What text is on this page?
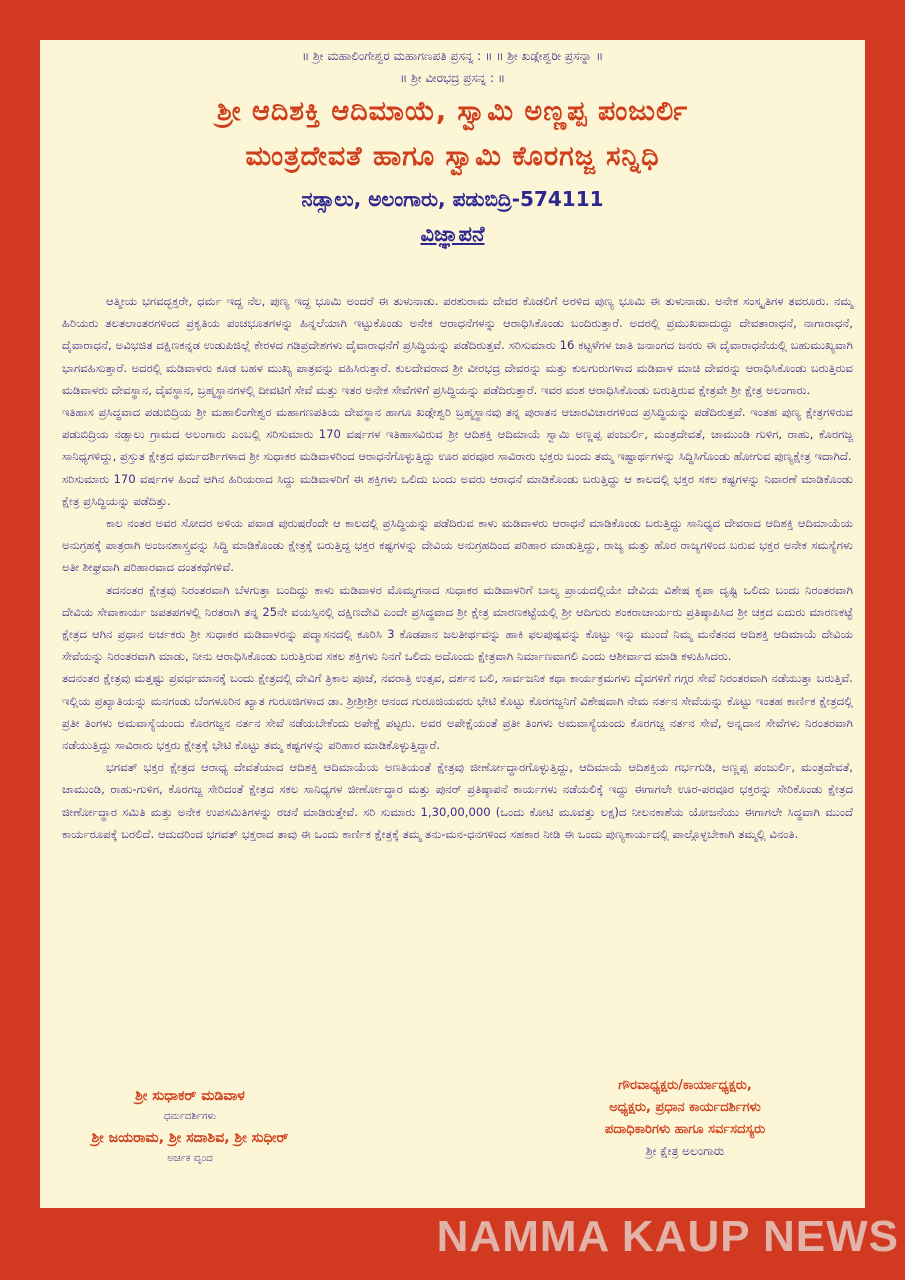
॥ ಶ್ರೀ ಮಹಾಲಿಂಗೇಶ್ವರ ಮಹಾಗಣಪತಿ ಪ್ರಸನ್ನ : ॥ ॥ ಶ್ರೀ ಖಡ್ಗೇಶ್ವರೀ ಪ್ರಸನ್ನಾ ॥
॥ ಶ್ರೀ ವೀರಭದ್ರ ಪ್ರಸನ್ನ : ॥
ಶ್ರೀ ಆದಿಶಕ್ತಿ ಆದಿಮಾಯೆ, ಸ್ವಾಮಿ ಅಣ್ಣಪ್ಪ ಪಂಜುರ್ಲಿ
ಮಂತ್ರದೇವತೆ ಹಾಗೂ ಸ್ವಾಮಿ ಕೊರಗಜ್ಜ ಸನ್ನಿಧಿ
ನಡ್ಸಾಲು, ಅಲಂಗಾರು, ಪಡುಬಿದ್ರಿ-574111
ವಿಜ್ಞಾಪನೆ

ಆತ್ಮೀಯ ಭಗವದ್ಭಕ್ತರೇ, ಧರ್ಮ ಇದ್ದ ನೆಲ, ಪುಣ್ಯ ಇದ್ದ ಭೂಮಿ ಅಂದರೆ ಈ ತುಳುನಾಡು. ಪರಶುರಾಮ ದೇವರ ಕೊಡಲಿಗೆ ಅರಳಿದ ಪುಣ್ಯ ಭೂಮಿ ಈ ತುಳುನಾಡು. ಅನೇಕ ಸಂಸ್ಕೃತಿಗಳ ತವರೂರು. ನಮ್ಮ ಹಿರಿಯರು ತಲತಲಾಂತರಗಳಿಂದ ಪ್ರಕೃತಿಯ ಪಂಚಭೂತಗಳನ್ನು ಹಿನ್ನಲೆಯಾಗಿ ಇಟ್ಟುಕೊಂಡು ಅನೇಕ ಆರಾಧನೆಗಳನ್ನು ಆರಾಧಿಸಿಕೊಂಡು ಬಂದಿರುತ್ತಾರೆ. ಅದರಲ್ಲಿ ಪ್ರಮುಖವಾದುದ್ದು ದೇವತಾರಾಧನೆ, ನಾಗಾರಾಧನೆ, ದೈವಾರಾಧನೆ, ಅವಿಭಜಿತ ದಕ್ಷಿಣಕನ್ನಡ ಉಡುಪಿಜಿಲ್ಲೆ ಕೇರಳದ ಗಡಿಪ್ರದೇಶಗಳು ದೈವಾರಾಧನೆಗೆ ಪ್ರಸಿದ್ಧಿಯನ್ನು ಪಡೆದಿರುತ್ತವೆ. ಸರಿಸುಮಾರು 16 ಕಟ್ಟಳೆಗಳ ಜಾತಿ ಜನಾಂಗದ ಜನರು ಈ ದೈವಾರಾಧನೆಯಲ್ಲಿ ಬಹುಮುಖ್ಯವಾಗಿ ಭಾಗವಹಿಸುತ್ತಾರೆ. ಅದರಲ್ಲಿ ಮಡಿವಾಳರು ಕೂಡ ಬಹಳ ಮುಖ್ಯ ಪಾತ್ರವನ್ನು ವಹಿಸಿರುತ್ತಾರೆ. ಕುಲದೇವರಾದ ಶ್ರೀ ವೀರಭದ್ರ ದೇವರನ್ನು ಮತ್ತು ಕುಲಗುರುಗಳಾದ ಮಡಿವಾಳ ಮಾಚಿ ದೇವರನ್ನು ಆರಾಧಿಸಿಕೊಂಡು ಬರುತ್ತಿರುವ ಮಡಿವಾಳರು ದೇವಸ್ಥಾನ, ದೈವಸ್ಥಾನ, ಬ್ರಹ್ಮಸ್ಥಾನಗಳಲ್ಲಿ ದೀವಟಿಗೆ ಸೇವೆ ಮತ್ತು ಇತರ ಅನೇಕ ಸೇವೆಗಳಿಗೆ ಪ್ರಸಿದ್ಧಿಯನ್ನು ಪಡೆದಿರುತ್ತಾರೆ. ಇವರ ವಂಶ ಆರಾಧಿಸಿಕೊಂಡು ಬರುತ್ತಿರುವ ಕ್ಷೇತ್ರವೇ ಶ್ರೀ ಕ್ಷೇತ್ರ ಅಲಂಗಾರು.

ಇತಿಹಾಸ ಪ್ರಸಿದ್ಧವಾದ ಪಡುಬಿದ್ರಿಯ ಶ್ರೀ ಮಹಾಲಿಂಗೇಶ್ವರ ಮಹಾಗಣಪತಿಯ ದೇವಸ್ಥಾನ ಹಾಗೂ ಖಡ್ಗೇಶ್ವರಿ ಬ್ರಹ್ಮಸ್ಥಾನವು ತನ್ನ ಪುರಾತನ ಆಚಾರವಿಚಾರಗಳಿಂದ ಪ್ರಸಿದ್ಧಿಯನ್ನು ಪಡೆದಿರುತ್ತವೆ. ಇಂತಹ ಪುಣ್ಯ ಕ್ಷೇತ್ರಗಳಿರುವ ಪಡುಬಿದ್ರಿಯ ನಡ್ಸಾಲು ಗ್ರಾಮದ ಅಲಂಗಾರು ಎಂಬಲ್ಲಿ ಸರಿಸುಮಾರು 170 ವರ್ಷಗಳ ಇತಿಹಾಸವಿರುವ ಶ್ರೀ ಆದಿಶಕ್ತಿ ಆದಿಮಾಯೆ ಸ್ವಾಮಿ ಅಣ್ಣಪ್ಪ ಪಂಜುರ್ಲಿ, ಮಂತ್ರದೇವತೆ, ಚಾಮುಂಡಿ ಗುಳಿಗ, ರಾಹು, ಕೊರಗಜ್ಜ ಸಾನಿಧ್ಯಗಳಿದ್ದು, ಪ್ರಸ್ತುತ ಕ್ಷೇತ್ರದ ಧರ್ಮದರ್ಶಿಗಳಾದ ಶ್ರೀ ಸುಧಾಕರ ಮಡಿವಾಳರಿಂದ ಆರಾಧನೆಗೊಳ್ಳುತ್ತಿದ್ದು ಊರ ಪರವೂರ ಸಾವಿರಾರು ಭಕ್ತರು ಬಂದು ತಮ್ಮ ಇಷ್ಟಾರ್ಥಗಳನ್ನು ಸಿದ್ಧಿಸಿಗೊಂಡು ಹೋಗುವ ಪುಣ್ಯಕ್ಷೇತ್ರ ಇದಾಗಿದೆ.

ಸರಿಸುಮಾರು 170 ವರ್ಷಗಳ ಹಿಂದೆ ಆಗಿನ ಹಿರಿಯರಾದ ಸಿದ್ದು ಮಡಿವಾಳರಿಗೆ ಈ ಶಕ್ತಿಗಳು ಒಲಿದು ಬಂದು ಅವರು ಆರಾಧನೆ ಮಾಡಿಕೊಂಡು ಬರುತ್ತಿದ್ದು ಆ ಕಾಲದಲ್ಲಿ ಭಕ್ತರ ಸಕಲ ಕಷ್ಟಗಳನ್ನು ನಿವಾರಣೆ ಮಾಡಿಕೊಂಡು ಕ್ಷೇತ್ರ ಪ್ರಸಿದ್ಧಿಯನ್ನು ಪಡೆದಿತ್ತು.

ಕಾಲ ನಂತರ ಅವರ ಸೋದರ ಅಳಿಯ ಪವಾಡ ಪುರುಷರೆಂದೇ ಆ ಕಾಲದಲ್ಲಿ ಪ್ರಸಿದ್ಧಿಯನ್ನು ಪಡೆದಿರುವ ಕಾಳು ಮಡಿವಾಳರು ಆರಾಧನೆ ಮಾಡಿಕೊಂಡು ಬರುತ್ತಿದ್ದು ಸಾನಿಧ್ಯದ ದೇವರಾದ ಆದಿಶಕ್ತಿ ಆದಿಮಾಯೆಯ ಅನುಗ್ರಹಕ್ಕೆ ಪಾತ್ರರಾಗಿ ಅಂಜನಶಾಸ್ತ್ರವನ್ನು ಸಿದ್ಧಿ ಮಾಡಿಕೊಂಡು ಕ್ಷೇತ್ರಕ್ಕೆ ಬರುತ್ತಿದ್ದ ಭಕ್ತರ ಕಷ್ಟಗಳನ್ನು ದೇವಿಯ ಅನುಗ್ರಹದಿಂದ ಪರಿಹಾರ ಮಾಡುತ್ತಿದ್ದು, ರಾಜ್ಯ ಮತ್ತು ಹೊರ ರಾಜ್ಯಗಳಿಂದ ಬರುವ ಭಕ್ತರ ಅನೇಕ ಸಮಸ್ಯೆಗಳು ಅತೀ ಶೀಘ್ರವಾಗಿ ಪರಿಹಾರವಾದ ದಂತಕಥೆಗಳಿವೆ.

ತದನಂತರ ಕ್ಷೇತ್ರವು ನಿರಂತರವಾಗಿ ಬೆಳಗುತ್ತಾ ಬಂದಿದ್ದು ಕಾಳು ಮಡಿವಾಳರ ಮೊಮ್ಮಗನಾದ ಸುಧಾಕರ ಮಡಿವಾಳರಿಗೆ ಬಾಲ್ಯ ಪ್ರಾಯದಲ್ಲಿಯೇ ದೇವಿಯ ವಿಶೇಷ ಕೃಪಾ ದೃಷ್ಟಿ ಒಲಿದು ಬಂದು ನಿರಂತರವಾಗಿ ದೇವಿಯ ಸೇವಾಕಾರ್ಯ ಜಪತಪಗಳಲ್ಲಿ ನಿರತರಾಗಿ ತನ್ನ 25ನೇ ವಯಸ್ಸಿನಲ್ಲಿ ದಕ್ಷಿಣದೇವಿ ಎಂದೇ ಪ್ರಸಿದ್ಧವಾದ ಶ್ರೀ ಕ್ಷೇತ್ರ ಮಾರಣಕಟ್ಟೆಯಲ್ಲಿ ಶ್ರೀ ಆದಿಗುರು ಶಂಕರಾಚಾರ್ಯರು ಪ್ರತಿಷ್ಠಾಪಿಸಿದ ಶ್ರೀ ಚಕ್ರದ ಎದುರು ಮಾರಣಕಟ್ಟೆ ಕ್ಷೇತ್ರದ ಆಗಿನ ಪ್ರಧಾನ ಅರ್ಚಕರು ಶ್ರೀ ಸುಧಾಕರ ಮಡಿವಾಳರನ್ನು ಪದ್ಮಾಸನದಲ್ಲಿ ಕೂರಿಸಿ 3 ಕೊಡಪಾನ ಜಲತೀರ್ಥವನ್ನು ಹಾಕಿ ಫಲಪುಷ್ಪವನ್ನು ಕೊಟ್ಟು ಇನ್ನು ಮುಂದೆ ನಿಮ್ಮ ಮನೆತನದ ಆದಿಶಕ್ತಿ ಆದಿಮಾಯೆ ದೇವಿಯ ಸೇವೆಯನ್ನು ನಿರಂತರವಾಗಿ ಮಾಡು, ನೀನು ಆರಾಧಿಸಿಕೊಂಡು ಬರುತ್ತಿರುವ ಸಕಲ ಶಕ್ತಿಗಳು ನಿನಗೆ ಒಲಿದು ಅದೊಂದು ಕ್ಷೇತ್ರವಾಗಿ ನಿರ್ಮಾಣವಾಗಲಿ ಎಂದು ಆಶೀರ್ವಾದ ಮಾಡಿ ಕಳುಹಿಸಿದರು.

ತದನಂತರ ಕ್ಷೇತ್ರವು ಮತ್ತಷ್ಟು ಪ್ರವರ್ಧಮಾನಕ್ಕೆ ಬಂದು ಕ್ಷೇತ್ರದಲ್ಲಿ ದೇವಿಗೆ ತ್ರಿಕಾಲ ಪೂಜೆ, ನವರಾತ್ರಿ ಉತ್ಸವ, ದರ್ಶನ ಬಲಿ, ಸಾರ್ವಜನಿಕ ಕಥಾ ಕಾರ್ಯಕ್ರಮಗಳು ದೈವಗಳಿಗೆ ಗಗ್ಗರ ಸೇವೆ ನಿರಂತರವಾಗಿ ನಡೆಯುತ್ತಾ ಬರುತ್ತಿವೆ. ಇಲ್ಲಿಯ ಪ್ರಖ್ಯಾತಿಯನ್ನು ಮನಗಂಡು ಬೆಂಗಳೂರಿನ ಖ್ಯಾತ ಗುರೂಜಿಗಳಾದ ಡಾ. ಶ್ರೀಶ್ರೀಶ್ರೀ ಆನಂದ ಗುರೂಜಿಯವರು ಭೇಟಿ ಕೊಟ್ಟು ಕೊರಗಜ್ಜನಿಗೆ ವಿಶೇಷವಾಗಿ ನೇಮ ನರ್ತನ ಸೇವೆಯನ್ನು ಕೊಟ್ಟು ಇಂತಹ ಕಾರ್ಣಿಕ ಕ್ಷೇತ್ರದಲ್ಲಿ ಪ್ರತೀ ತಿಂಗಳು ಅಮವಾಸ್ಯೆಯಂದು ಕೊರಗಜ್ಜನ ನರ್ತನ ಸೇವೆ ನಡೆಯಬೇಕೆಂದು ಅಪೇಕ್ಷೆ ಪಟ್ಟರು. ಅವರ ಅಪೇಕ್ಷೆಯಂತೆ ಪ್ರತೀ ತಿಂಗಳು ಅಮವಾಸ್ಯೆಯಂದು ಕೊರಗಜ್ಜ ನರ್ತನ ಸೇವೆ, ಅನ್ನದಾನ ಸೇವೆಗಳು ನಿರಂತರವಾಗಿ ನಡೆಯುತ್ತಿದ್ದು ಸಾವಿರಾರು ಭಕ್ತರು ಕ್ಷೇತ್ರಕ್ಕೆ ಭೇಟಿ ಕೊಟ್ಟು ತಮ್ಮ ಕಷ್ಟಗಳನ್ನು ಪರಿಹಾರ ಮಾಡಿಕೊಳ್ಳುತ್ತಿದ್ದಾರೆ.

ಭಗವತ್ ಭಕ್ತರ ಕ್ಷೇತ್ರದ ಆರಾಧ್ಯ ದೇವತೆಯಾದ ಆದಿಶಕ್ತಿ ಆದಿಮಾಯೆಯ ಅಣತಿಯಂತೆ ಕ್ಷೇತ್ರವು ಜೀರ್ಣೋದ್ಧಾರಗೊಳ್ಳುತ್ತಿದ್ದು, ಆದಿಮಾಯೆ ಆದಿಶಕ್ತಿಯ ಗರ್ಭಗುಡಿ, ಅಣ್ಣಪ್ಪ ಪಂಜುರ್ಲಿ, ಮಂತ್ರದೇವತೆ, ಚಾಮುಂಡಿ, ರಾಹು-ಗುಳಿಗ, ಕೊರಗಜ್ಜ ಸೇರಿದಂತೆ ಕ್ಷೇತ್ರದ ಸಕಲ ಸಾನಿಧ್ಯಗಳ ಜೀರ್ಣೋದ್ಧಾರ ಮತ್ತು ಪುನರ್ ಪ್ರತಿಷ್ಠಾಪನೆ ಕಾರ್ಯಗಳು ನಡೆಯಲಿಕ್ಕೆ ಇದ್ದು ಈಗಾಗಲೇ ಊರ-ಪರವೂರ ಭಕ್ತರನ್ನು ಸೇರಿಕೊಂಡು ಕ್ಷೇತ್ರದ ಜೀರ್ಣೋದ್ಧಾರ ಸಮಿತಿ ಮತ್ತು ಅನೇಕ ಉಪಸಮಿತಿಗಳನ್ನು ರಚನೆ ಮಾಡಿರುತ್ತೇವೆ. ಸರಿ ಸುಮಾರು 1,30,00,000 (ಒಂದು ಕೋಟಿ ಮೂವತ್ತು ಲಕ್ಷ)ದ ನೀಲನಕಾಶೆಯ ಯೋಜನೆಯು ಈಗಾಗಲೇ ಸಿದ್ಧವಾಗಿ ಮುಂದೆ ಕಾರ್ಯರೂಪಕ್ಕೆ ಬರಲಿದೆ. ಆದುದರಿಂದ ಭಗವತ್ ಭಕ್ತರಾದ ತಾವು ಈ ಒಂದು ಕಾರ್ಣಿಕ ಕ್ಷೇತ್ರಕ್ಕೆ ತಮ್ಮ ತನು-ಮನ-ಧನಗಳಿಂದ ಸಹಕಾರ ನೀಡಿ ಈ ಒಂದು ಪುಣ್ಯಕಾರ್ಯದಲ್ಲಿ ಪಾಲ್ಗೊಳ್ಳಬೇಕಾಗಿ ತಮ್ಮಲ್ಲಿ ವಿನಂತಿ.

ಶ್ರೀ ಸುಧಾಕರ್ ಮಡಿವಾಳ
ಧರ್ಮದರ್ಶಿಗಳು
ಶ್ರೀ ಜಯರಾಮ, ಶ್ರೀ ಸದಾಶಿವ, ಶ್ರೀ ಸುಧೀರ್
ಅರ್ಚಕ ವೃಂದ
ಗೌರವಾಧ್ಯಕ್ಷರು/ಕಾರ್ಯಾಧ್ಯಕ್ಷರು,
ಅಧ್ಯಕ್ಷರು, ಪ್ರಧಾನ ಕಾರ್ಯದರ್ಶಿಗಳು
ಪದಾಧಿಕಾರಿಗಳು ಹಾಗೂ ಸರ್ವಸದಸ್ಯರು
ಶ್ರೀ ಕ್ಷೇತ್ರ ಅಲಂಗಾರು
NAMMA KAUP NEWS
